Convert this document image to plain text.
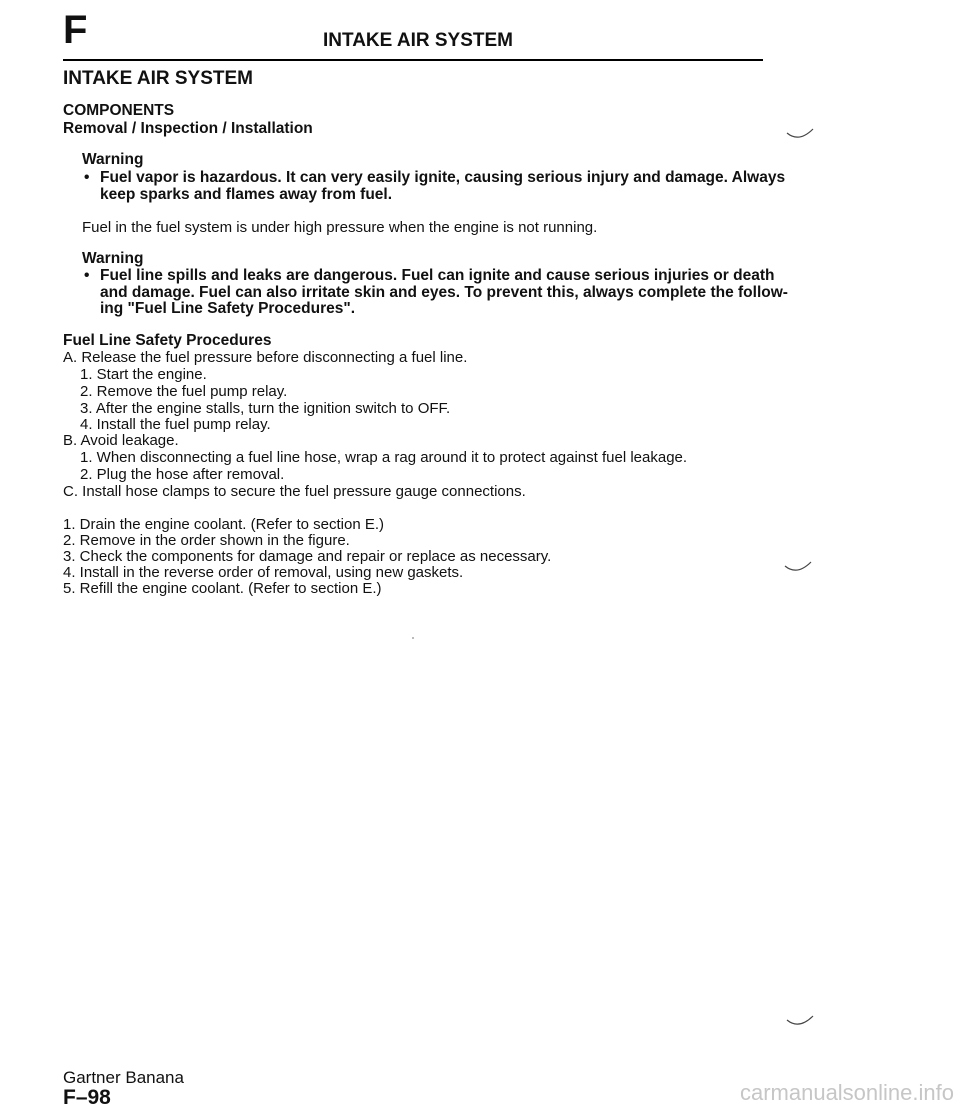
F	INTAKE AIR SYSTEM
INTAKE AIR SYSTEM
COMPONENTS
Removal / Inspection / Installation
Warning
• Fuel vapor is hazardous. It can very easily ignite, causing serious injury and damage. Always
keep sparks and flames away from fuel.
Fuel in the fuel system is under high pressure when the engine is not running.
Warning
• Fuel line spills and leaks are dangerous. Fuel can ignite and cause serious injuries or death
and damage. Fuel can also irritate skin and eyes. To prevent this, always complete the follow-
ing "Fuel Line Safety Procedures".
Fuel Line Safety Procedures
A. Release the fuel pressure before disconnecting a fuel line.
1. Start the engine.
2. Remove the fuel pump relay.
3. After the engine stalls, turn the ignition switch to OFF.
4. Install the fuel pump relay.
B. Avoid leakage.
1. When disconnecting a fuel line hose, wrap a rag around it to protect against fuel leakage.
2. Plug the hose after removal.
C. Install hose clamps to secure the fuel pressure gauge connections.
1. Drain the engine coolant. (Refer to section E.)
2. Remove in the order shown in the figure.
3. Check the components for damage and repair or replace as necessary.
4. Install in the reverse order of removal, using new gaskets.
5. Refill the engine coolant. (Refer to section E.)
Gartner Banana
F–98	carmanualsonline.info
